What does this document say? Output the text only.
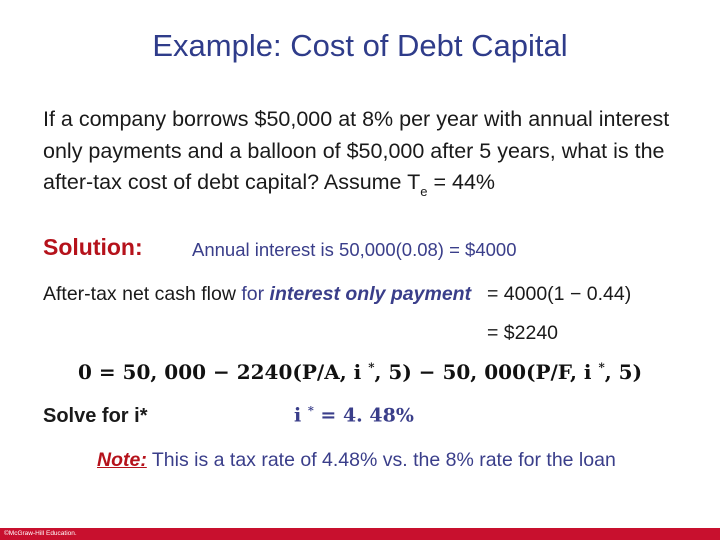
Example: Cost of Debt Capital
If a company borrows $50,000 at 8% per year with annual interest
only payments and a balloon of $50,000 after 5 years, what is the
after-tax cost of debt capital? Assume $T_e = 44\%$
Solution:	Annual interest is 50,000(0.08) = $4000
After-tax net cash flow for interest only payment = 4000(1 − 0.44)
= $2240
0 = 50, 000 − 2240(P/A, i *, 5) − 50, 000(P/F, i *, 5)
Solve for i*	i * = 4. 48%
Note: This is a tax rate of 4.48% vs. the 8% rate for the loan
©McGraw-Hill Education.
